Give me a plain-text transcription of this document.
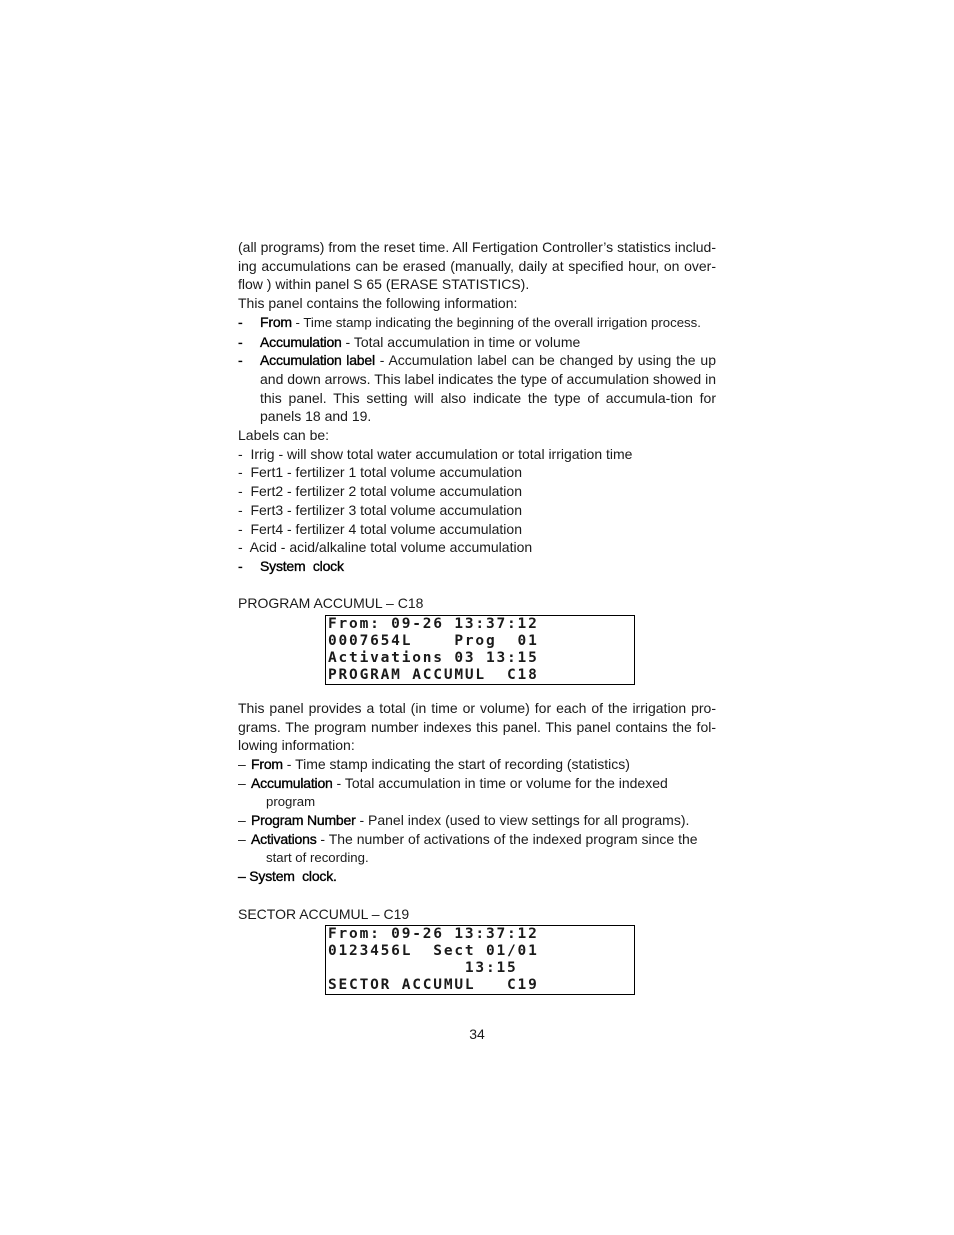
(all programs) from the reset time. All Fertigation Controller’s statistics includ-ing accumulations can be erased (manually, daily at specified hour, on over-flow ) within panel S 65 (ERASE STATISTICS).

This panel contains the following information:

- From - Time stamp indicating the beginning of the overall irrigation process.
- Accumulation - Total accumulation in time or volume
- Accumulation label - Accumulation label can be changed by using the up and down arrows. This label indicates the type of accumulation showed in this panel. This setting will also indicate the type of accumula-tion for panels 18 and 19.
Labels can be:
-  Irrig - will show total water accumulation or total irrigation time
-  Fert1 - fertilizer 1 total volume accumulation
-  Fert2 - fertilizer 2 total volume accumulation
-  Fert3 - fertilizer 3 total volume accumulation
-  Fert4 - fertilizer 4 total volume accumulation
-  Acid - acid/alkaline total volume accumulation
- System  clock
PROGRAM ACCUMUL – C18
From: 09-26 13:37:12
0007654L    Prog  01
Activations 03 13:15
PROGRAM ACCUMUL  C18

This panel provides a total (in time or volume) for each of the irrigation pro-grams. The program number indexes this panel. This panel contains the fol-lowing information:

– From - Time stamp indicating the start of recording (statistics)
– Accumulation - Total accumulation in time or volume for the indexed
program
– Program Number - Panel index (used to view settings for all programs).
– Activations - The number of activations of the indexed program since the
start of recording.
– System  clock.
SECTOR ACCUMUL – C19
From: 09-26 13:37:12
0123456L  Sect 01/01
13:15
SECTOR ACCUMUL   C19
34
